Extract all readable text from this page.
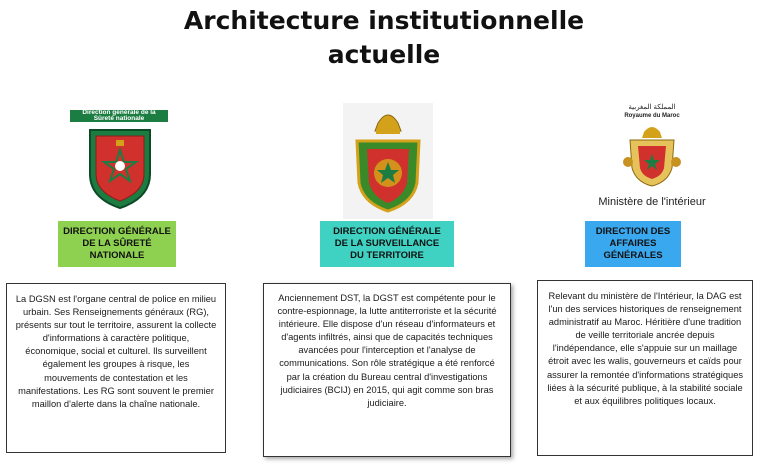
Architecture institutionnelle
actuelle
Direction générale de la
Sûreté nationale
DIRECTION GÉNÉRALE
DE LA SÛRETÉ
NATIONALE
La DGSN est l'organe central de police en milieu urbain. Ses Renseignements généraux (RG), présents sur tout le territoire, assurent la collecte d'informations à caractère politique, économique, social et culturel. Ils surveillent également les groupes à risque, les mouvements de contestation et les manifestations. Les RG sont souvent le premier maillon d'alerte dans la chaîne nationale.
DIRECTION GÉNÉRALE
DE LA SURVEILLANCE
DU TERRITOIRE
Anciennement DST, la DGST est compétente pour le contre-espionnage, la lutte antiterroriste et la sécurité intérieure. Elle dispose d'un réseau d'informateurs et d'agents infiltrés, ainsi que de capacités techniques avancées pour l'interception et l'analyse de communications. Son rôle stratégique a été renforcé par la création du Bureau central d'investigations judiciaires (BCIJ) en 2015, qui agit comme son bras judiciaire.
المملكة المغربية
Royaume du Maroc
Ministère de l'intérieur
DIRECTION DES
AFFAIRES
GÉNÉRALES
Relevant du ministère de l'Intérieur, la DAG est l'un des services historiques de renseignement administratif au Maroc. Héritière d'une tradition de veille territoriale ancrée depuis l'indépendance, elle s'appuie sur un maillage étroit avec les walis, gouverneurs et caïds pour assurer la remontée d'informations stratégiques liées à la sécurité publique, à la stabilité sociale et aux équilibres politiques locaux.
